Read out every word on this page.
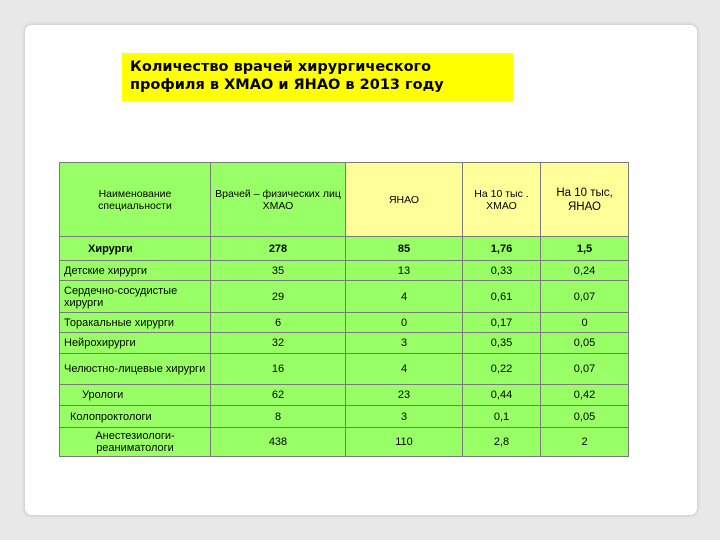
Количество врачей хирургического
профиля в ХМАО и ЯНАО в 2013 году
Наименование специальности	Врачей – физических лиц ХМАО	ЯНАО	На 10 тыс . ХМАО	На 10 тыс, ЯНАО
Хирурги	278	85	1,76	1,5
Детские хирурги	35	13	0,33	0,24
Сердечно-сосудистые хирурги	29	4	0,61	0,07
Торакальные хирурги	6	0	0,17	0
Нейрохирурги	32	3	0,35	0,05
Челюстно-лицевые хирурги	16	4	0,22	0,07
Урологи	62	23	0,44	0,42
Колопроктологи	8	3	0,1	0,05
Анестезиологи-реаниматологи	438	110	2,8	2
